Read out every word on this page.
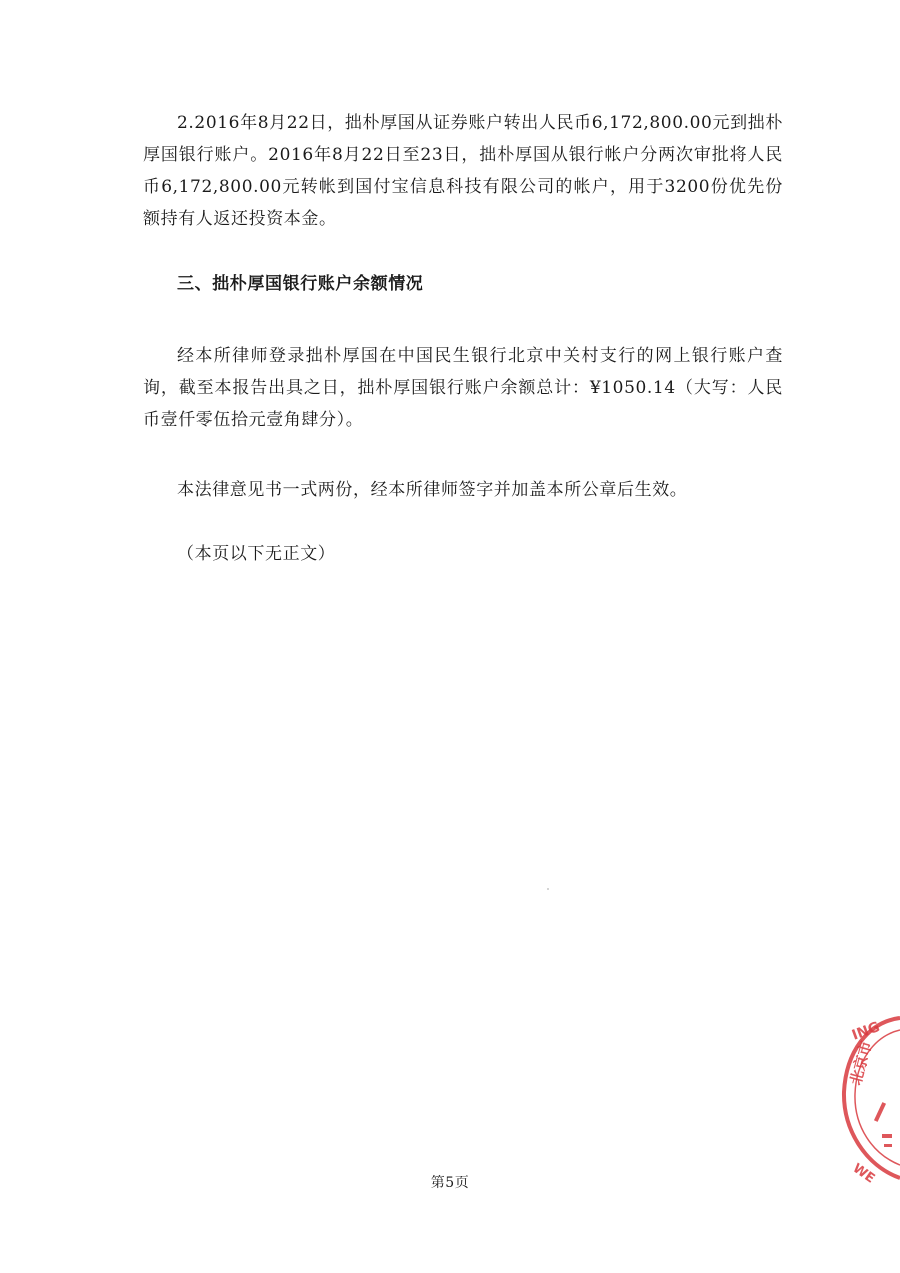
2.2016年8月22日，拙朴厚国从证券账户转出人民币6,172,800.00元到拙朴厚国银行账户。2016年8月22日至23日，拙朴厚国从银行帐户分两次审批将人民币6,172,800.00元转帐到国付宝信息科技有限公司的帐户，用于3200份优先份额持有人返还投资本金。

三、拙朴厚国银行账户余额情况

经本所律师登录拙朴厚国在中国民生银行北京中关村支行的网上银行账户查询，截至本报告出具之日，拙朴厚国银行账户余额总计：¥1050.14（大写：人民币壹仟零伍拾元壹角肆分）。

本法律意见书一式两份，经本所律师签字并加盖本所公章后生效。

（本页以下无正文）

ING
北京市
WE
第5页
